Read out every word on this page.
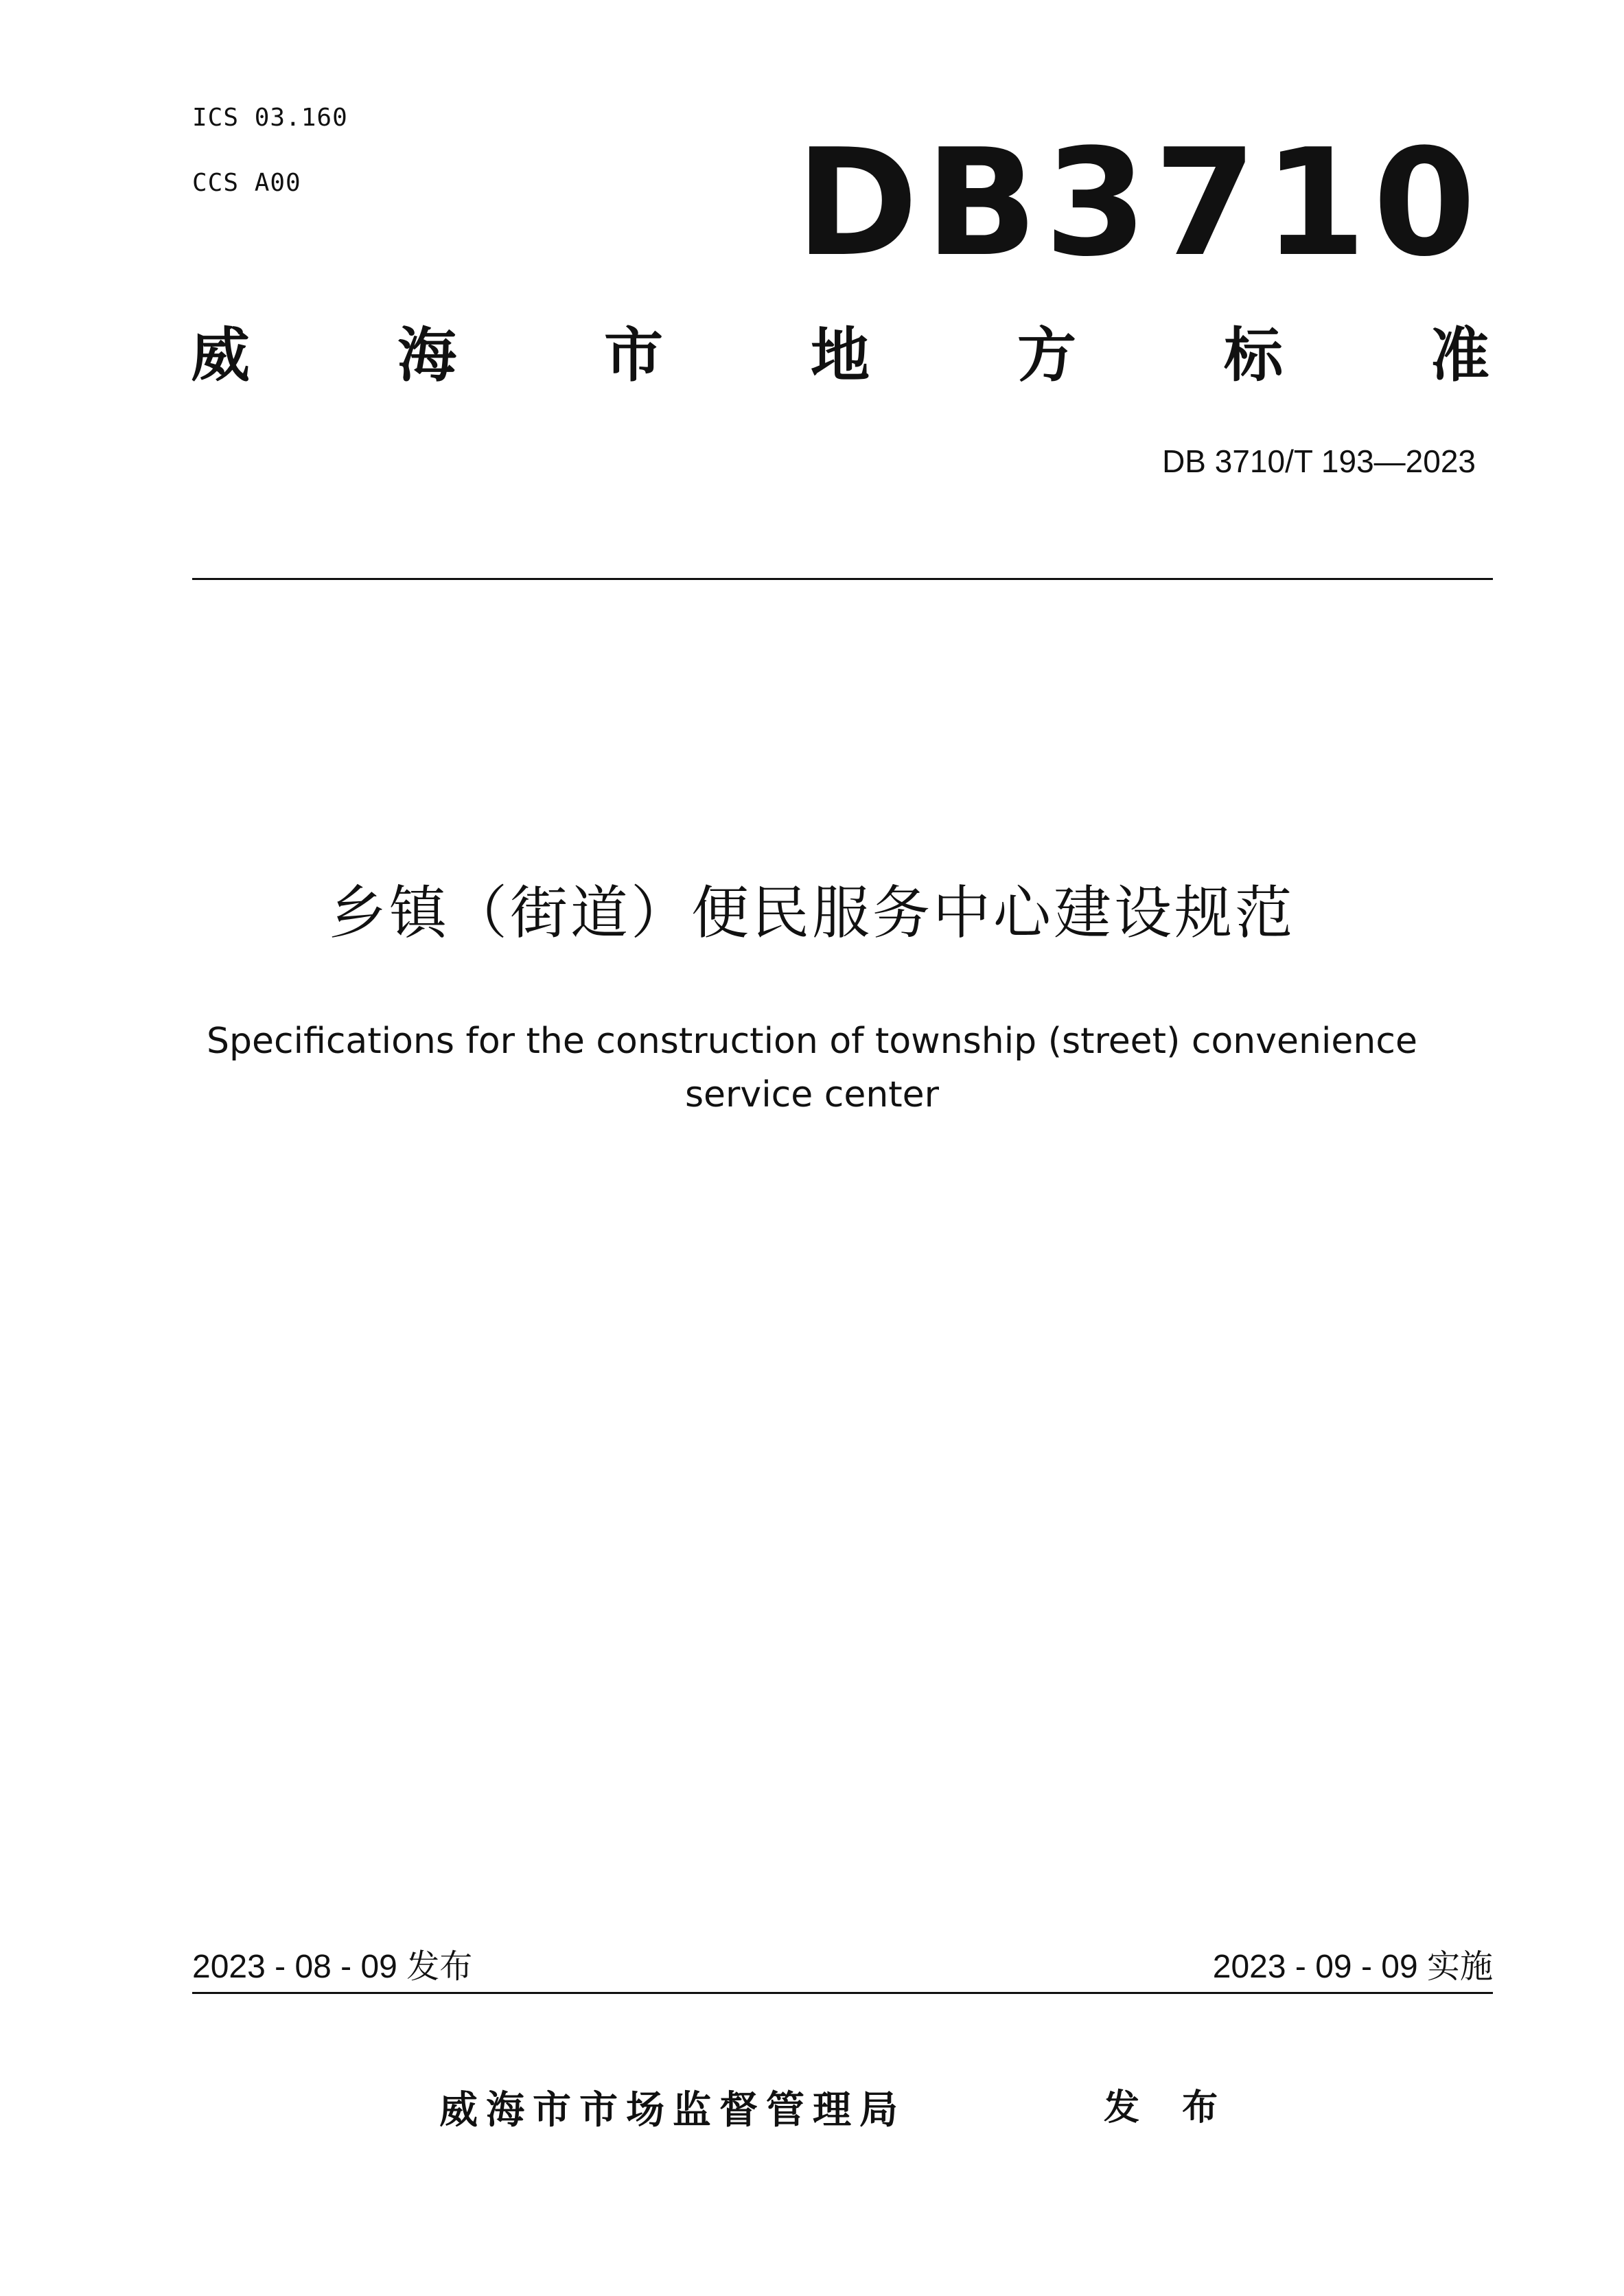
ICS 03.160
CCS A00	DB3710
威	海	市	地	方	标	准
DB 3710/T 193—2023
乡镇（街道）便民服务中心建设规范
Specifications for the construction of township (street) convenience service center
2023 - 08 - 09 发布	2023 - 09 - 09 实施
威海市市场监督管理局	发 布
